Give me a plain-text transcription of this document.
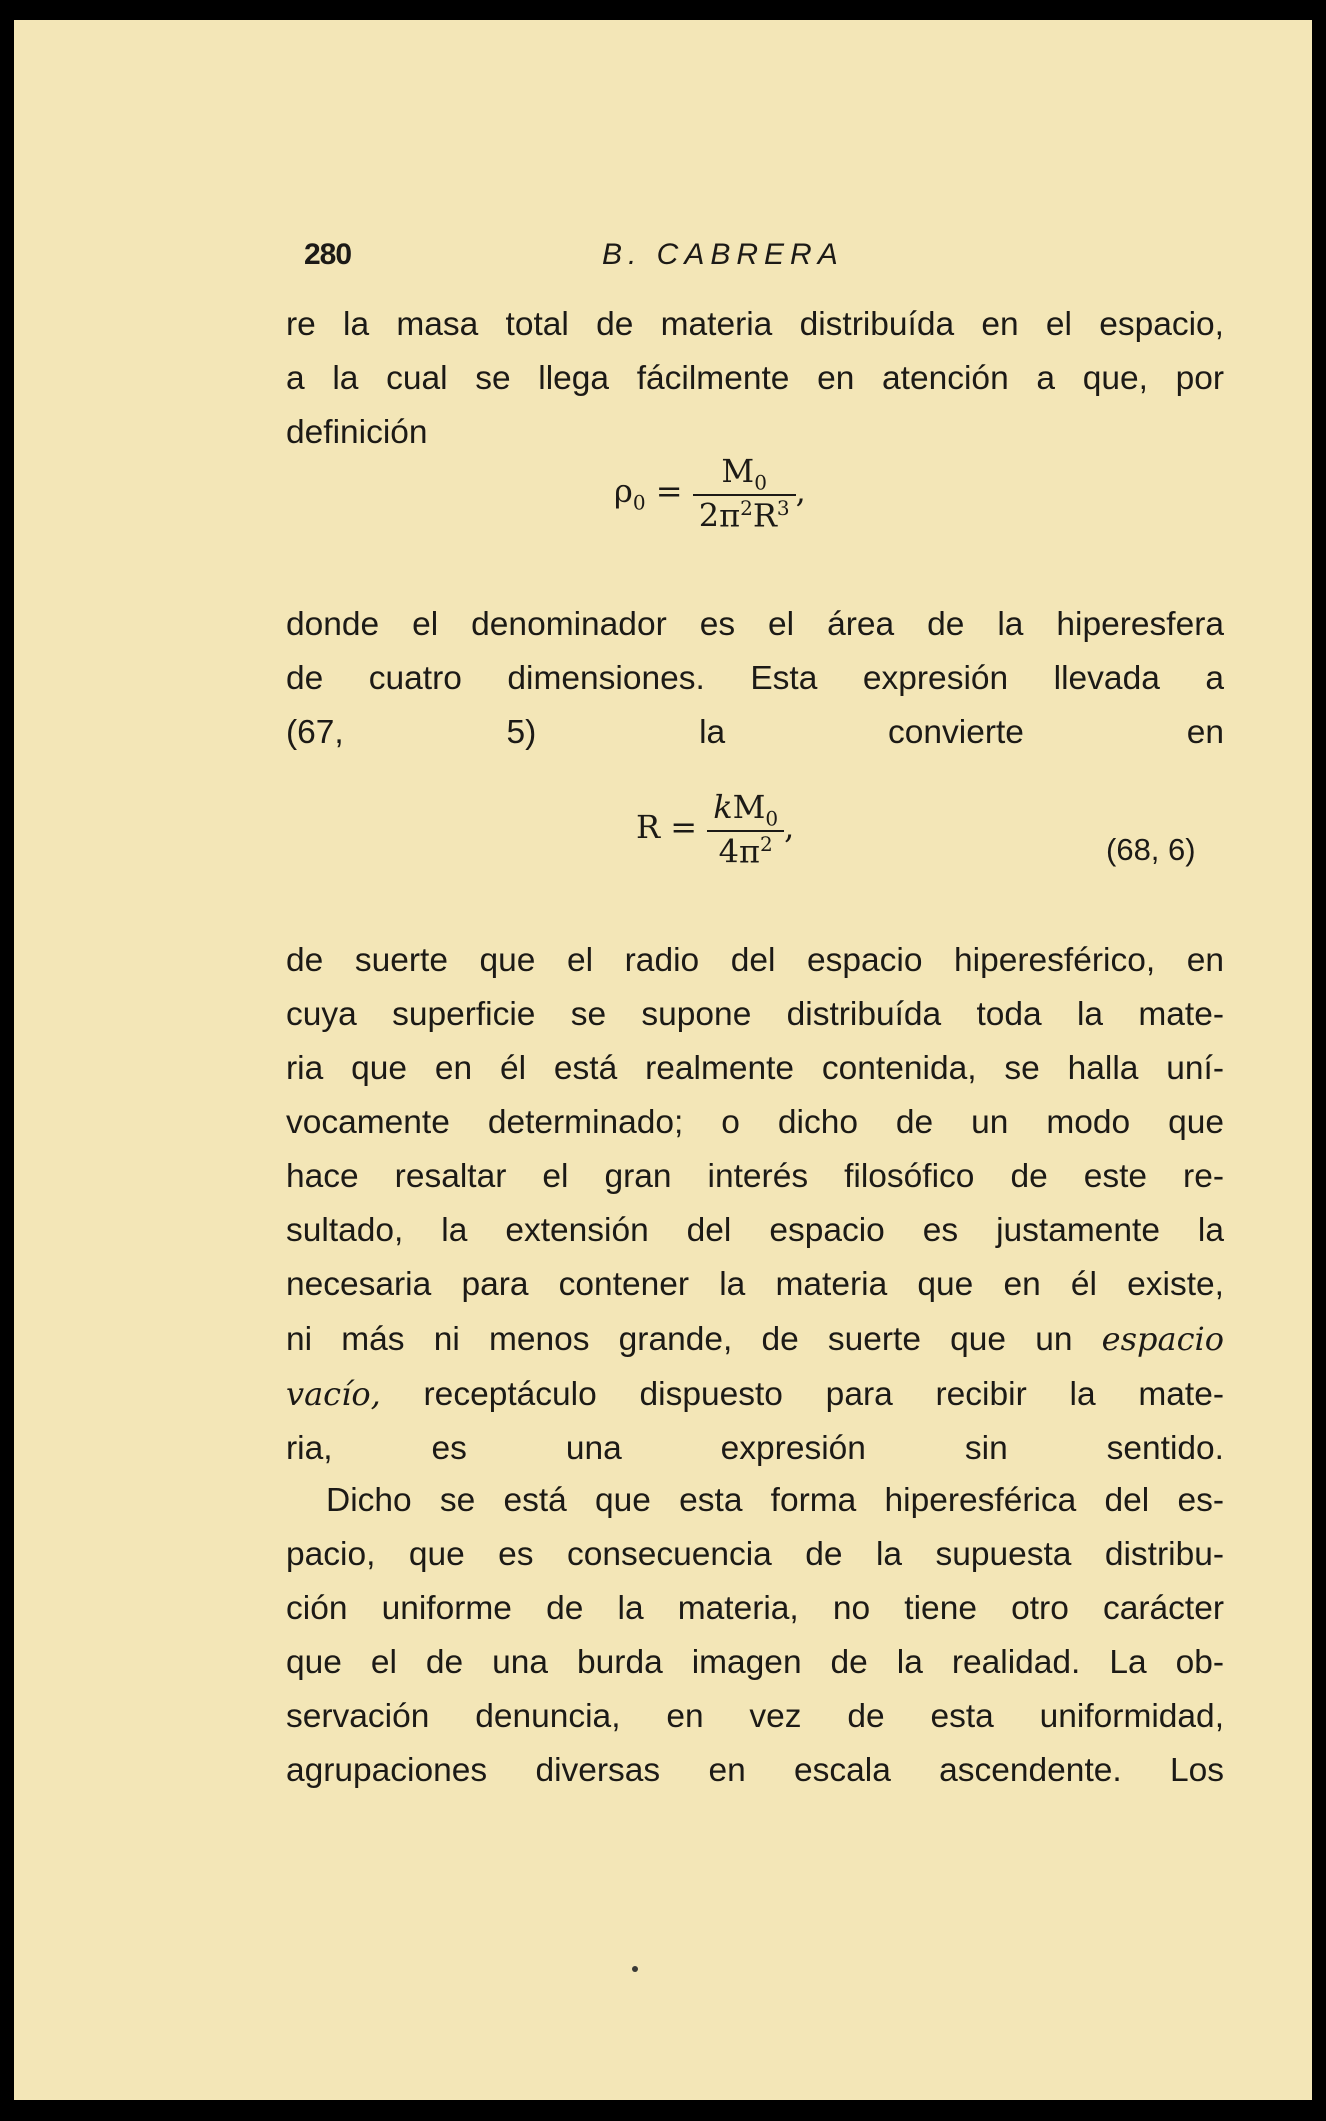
280	B. CABRERA
re la masa total de materia distribuída en el espacio,
a la cual se llega fácilmente en atención a que, por
definición
$\rho_0 = \frac{M_0}{2\pi^2R^3}$ ,
donde el denominador es el área de la hiperesfera
de cuatro dimensiones. Esta expresión llevada a
(67, 5) la convierte en
$R = \frac{kM_0}{4\pi^2}$ ,
(68, 6)
de suerte que el radio del espacio hiperesférico, en
cuya superficie se supone distribuída toda la mate-
ria que en él está realmente contenida, se halla uní-
vocamente determinado; o dicho de un modo que
hace resaltar el gran interés filosófico de este re-
sultado, la extensión del espacio es justamente la
necesaria para contener la materia que en él existe,
ni más ni menos grande, de suerte que un espacio
vacío, receptáculo dispuesto para recibir la mate-
ria, es una expresión sin sentido.
Dicho se está que esta forma hiperesférica del es-
pacio, que es consecuencia de la supuesta distribu-
ción uniforme de la materia, no tiene otro carácter
que el de una burda imagen de la realidad. La ob-
servación denuncia, en vez de esta uniformidad,
agrupaciones diversas en escala ascendente. Los
